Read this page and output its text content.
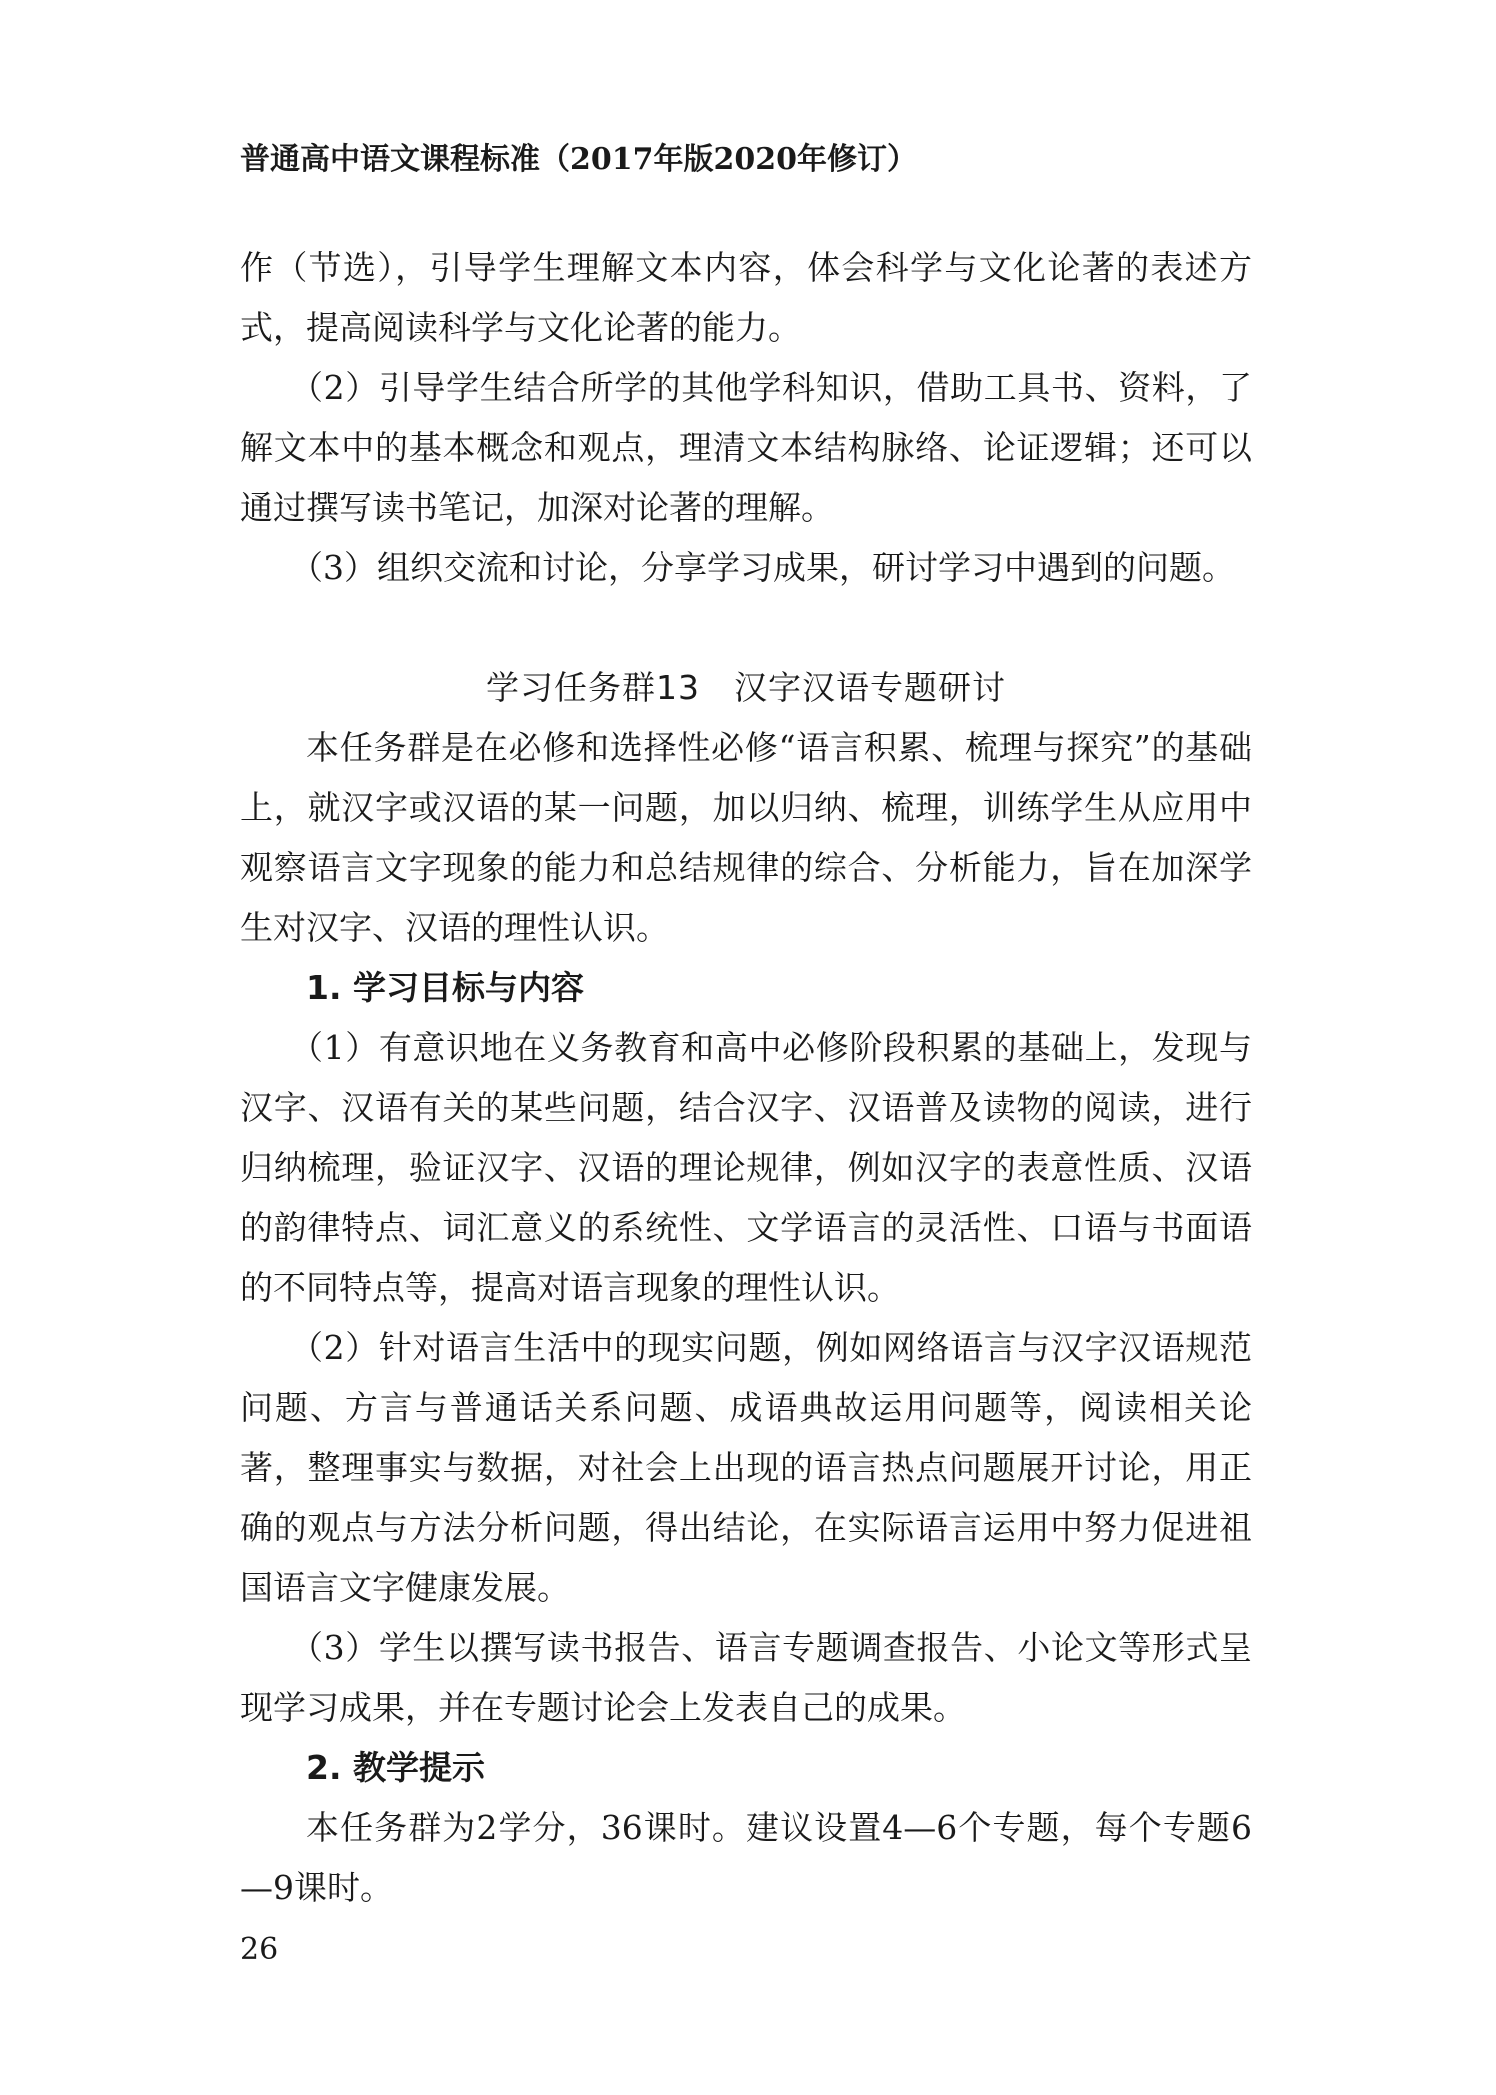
普通高中语文课程标准（2017年版2020年修订）

作（节选），引导学生理解文本内容，体会科学与文化论著的表述方式，提高阅读科学与文化论著的能力。

（2）引导学生结合所学的其他学科知识，借助工具书、资料，了解文本中的基本概念和观点，理清文本结构脉络、论证逻辑；还可以通过撰写读书笔记，加深对论著的理解。

（3）组织交流和讨论，分享学习成果，研讨学习中遇到的问题。

学习任务群13　汉字汉语专题研讨

本任务群是在必修和选择性必修“语言积累、梳理与探究”的基础上，就汉字或汉语的某一问题，加以归纳、梳理，训练学生从应用中观察语言文字现象的能力和总结规律的综合、分析能力，旨在加深学生对汉字、汉语的理性认识。

1. 学习目标与内容

（1）有意识地在义务教育和高中必修阶段积累的基础上，发现与汉字、汉语有关的某些问题，结合汉字、汉语普及读物的阅读，进行归纳梳理，验证汉字、汉语的理论规律，例如汉字的表意性质、汉语的韵律特点、词汇意义的系统性、文学语言的灵活性、口语与书面语的不同特点等，提高对语言现象的理性认识。

（2）针对语言生活中的现实问题，例如网络语言与汉字汉语规范问题、方言与普通话关系问题、成语典故运用问题等，阅读相关论著，整理事实与数据，对社会上出现的语言热点问题展开讨论，用正确的观点与方法分析问题，得出结论，在实际语言运用中努力促进祖国语言文字健康发展。

（3）学生以撰写读书报告、语言专题调查报告、小论文等形式呈现学习成果，并在专题讨论会上发表自己的成果。

2. 教学提示

本任务群为2学分，36课时。建议设置4—6个专题，每个专题6—9课时。

26
